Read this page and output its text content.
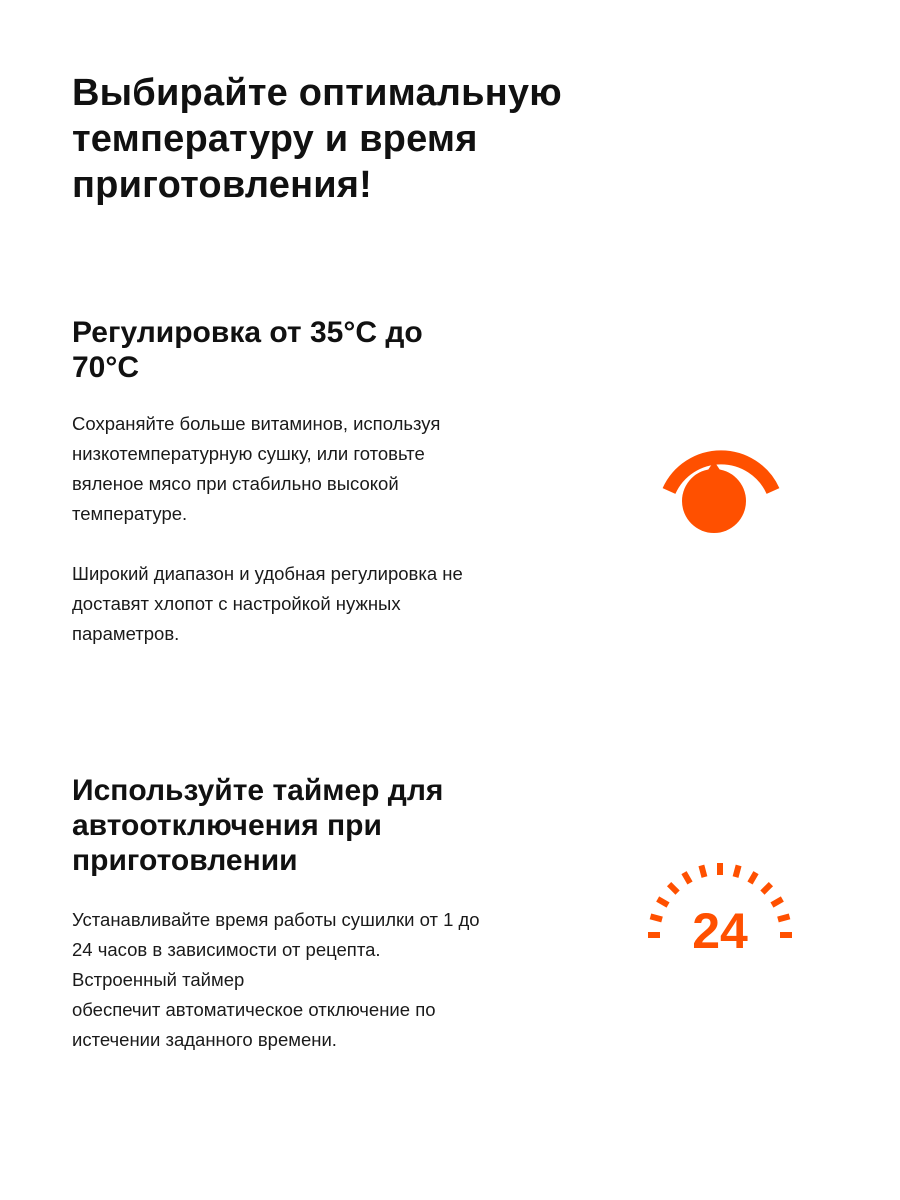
Выбирайте оптимальную
температуру и время
приготовления!
Регулировка от 35°C до
70°C

Сохраняйте больше витаминов, используя
низкотемпературную сушку, или готовьте
вяленое мясо при стабильно высокой
температуре.

Широкий диапазон и удобная регулировка не
доставят хлопот с настройкой нужных
параметров.

Используйте таймер для
автоотключения при
приготовлении

Устанавливайте время работы сушилки от 1 до
24 часов в зависимости от рецепта.
Встроенный таймер
обеспечит автоматическое отключение по
истечении заданного времени.

24
